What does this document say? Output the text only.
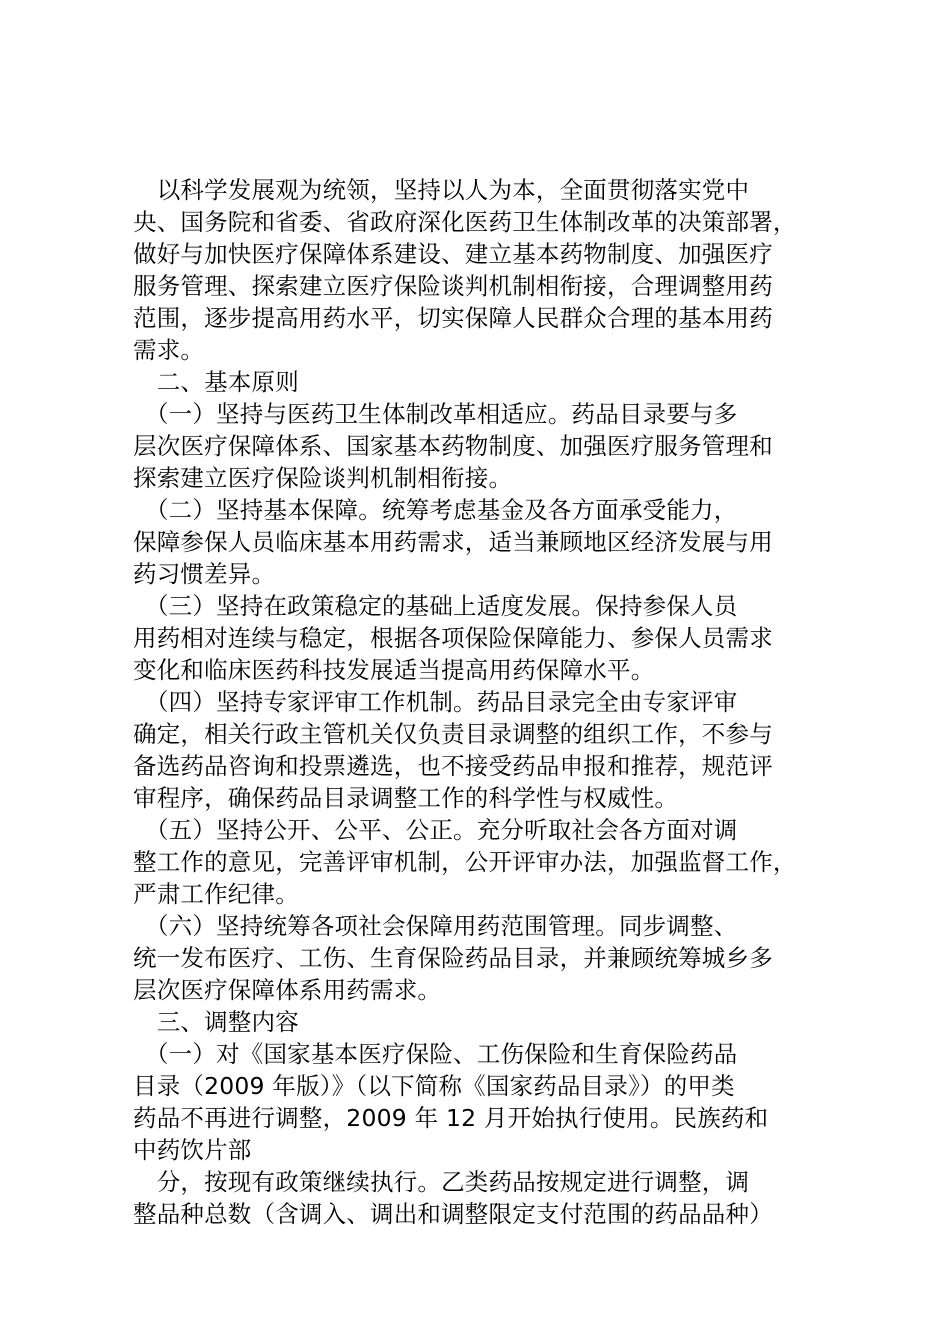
　以科学发展观为统领，坚持以人为本，全面贯彻落实党中
央、国务院和省委、省政府深化医药卫生体制改革的决策部署，
做好与加快医疗保障体系建设、建立基本药物制度、加强医疗
服务管理、探索建立医疗保险谈判机制相衔接，合理调整用药
范围，逐步提高用药水平，切实保障人民群众合理的基本用药
需求。
　二、基本原则
　（一）坚持与医药卫生体制改革相适应。药品目录要与多
层次医疗保障体系、国家基本药物制度、加强医疗服务管理和
探索建立医疗保险谈判机制相衔接。
　（二）坚持基本保障。统筹考虑基金及各方面承受能力，
保障参保人员临床基本用药需求，适当兼顾地区经济发展与用
药习惯差异。
　（三）坚持在政策稳定的基础上适度发展。保持参保人员
用药相对连续与稳定，根据各项保险保障能力、参保人员需求
变化和临床医药科技发展适当提高用药保障水平。
　（四）坚持专家评审工作机制。药品目录完全由专家评审
确定，相关行政主管机关仅负责目录调整的组织工作，不参与
备选药品咨询和投票遴选，也不接受药品申报和推荐，规范评
审程序，确保药品目录调整工作的科学性与权威性。
　（五）坚持公开、公平、公正。充分听取社会各方面对调
整工作的意见，完善评审机制，公开评审办法，加强监督工作，
严肃工作纪律。
　（六）坚持统筹各项社会保障用药范围管理。同步调整、
统一发布医疗、工伤、生育保险药品目录，并兼顾统筹城乡多
层次医疗保障体系用药需求。
　三、调整内容
　（一）对《国家基本医疗保险、工伤保险和生育保险药品
目录（2009 年版）》（以下简称《国家药品目录》）的甲类
药品不再进行调整，2009 年 12 月开始执行使用。民族药和
中药饮片部
　分，按现有政策继续执行。乙类药品按规定进行调整，调
整品种总数（含调入、调出和调整限定支付范围的药品品种）
